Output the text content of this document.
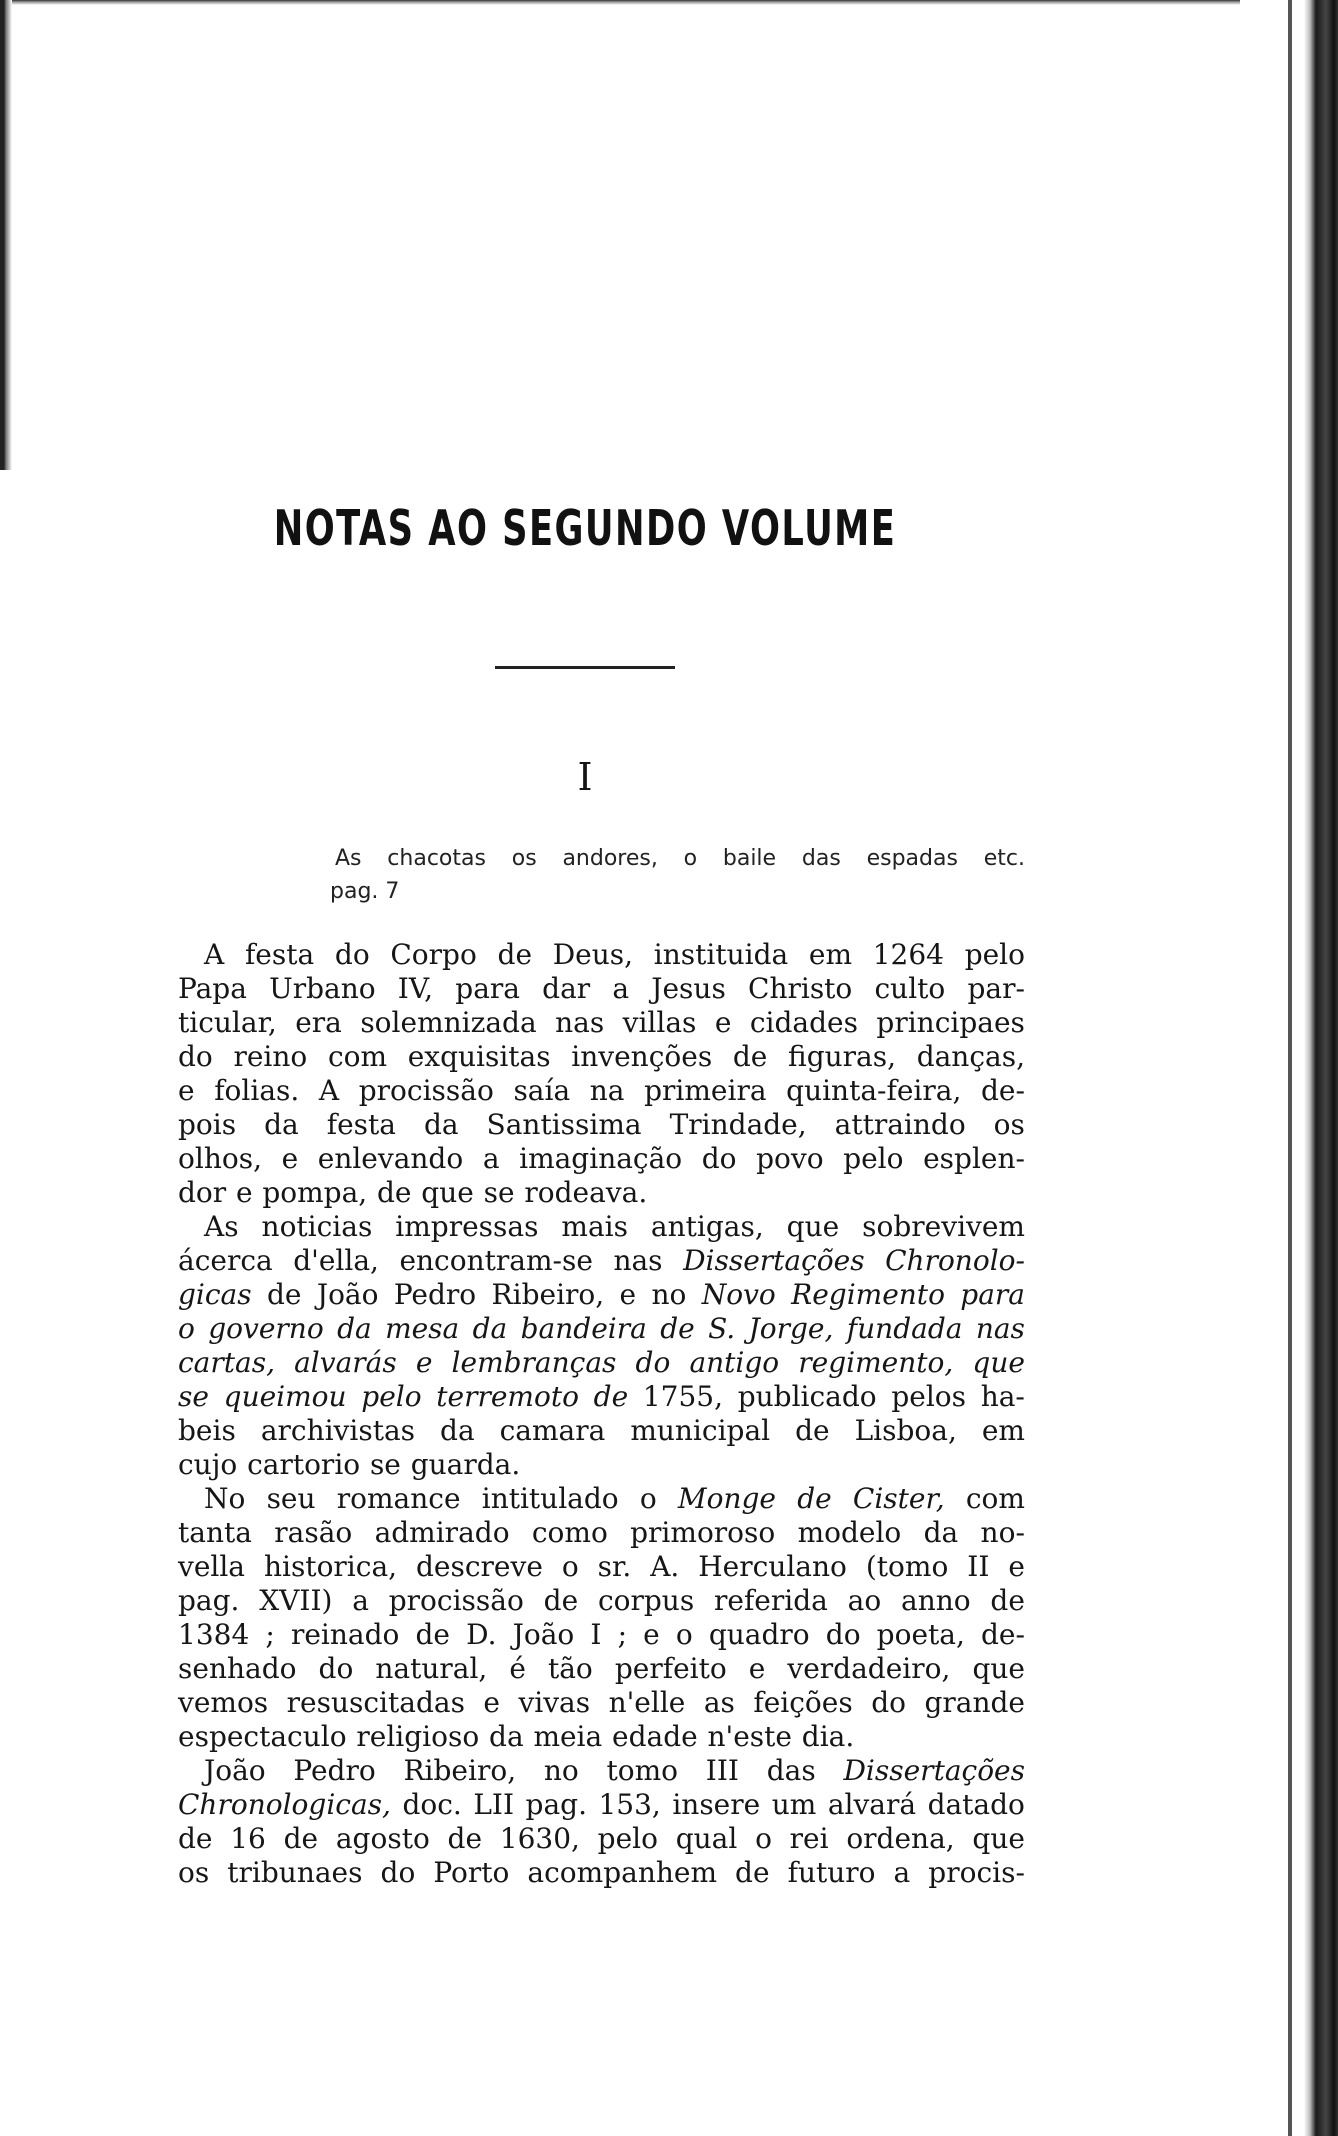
NOTAS AO SEGUNDO VOLUME
I
As chacotas os andores, o baile das espadas etc.
pag. 7
A festa do Corpo de Deus, instituida em 1264 pelo
Papa Urbano IV, para dar a Jesus Christo culto par-
ticular, era solemnizada nas villas e cidades principaes
do reino com exquisitas invenções de figuras, danças,
e folias. A procissão saía na primeira quinta-feira, de-
pois da festa da Santissima Trindade, attraindo os
olhos, e enlevando a imaginação do povo pelo esplen-
dor e pompa, de que se rodeava.
As noticias impressas mais antigas, que sobrevivem
ácerca d'ella, encontram-se nas Dissertações Chronolo-
gicas de João Pedro Ribeiro, e no Novo Regimento para
o governo da mesa da bandeira de S. Jorge, fundada nas
cartas, alvarás e lembranças do antigo regimento, que
se queimou pelo terremoto de 1755, publicado pelos ha-
beis archivistas da camara municipal de Lisboa, em
cujo cartorio se guarda.
No seu romance intitulado o Monge de Cister, com
tanta rasão admirado como primoroso modelo da no-
vella historica, descreve o sr. A. Herculano (tomo II e
pag. XVII) a procissão de corpus referida ao anno de
1384 ; reinado de D. João I ; e o quadro do poeta, de-
senhado do natural, é tão perfeito e verdadeiro, que
vemos resuscitadas e vivas n'elle as feições do grande
espectaculo religioso da meia edade n'este dia.
João Pedro Ribeiro, no tomo III das Dissertações
Chronologicas, doc. LII pag. 153, insere um alvará datado
de 16 de agosto de 1630, pelo qual o rei ordena, que
os tribunaes do Porto acompanhem de futuro a procis-
